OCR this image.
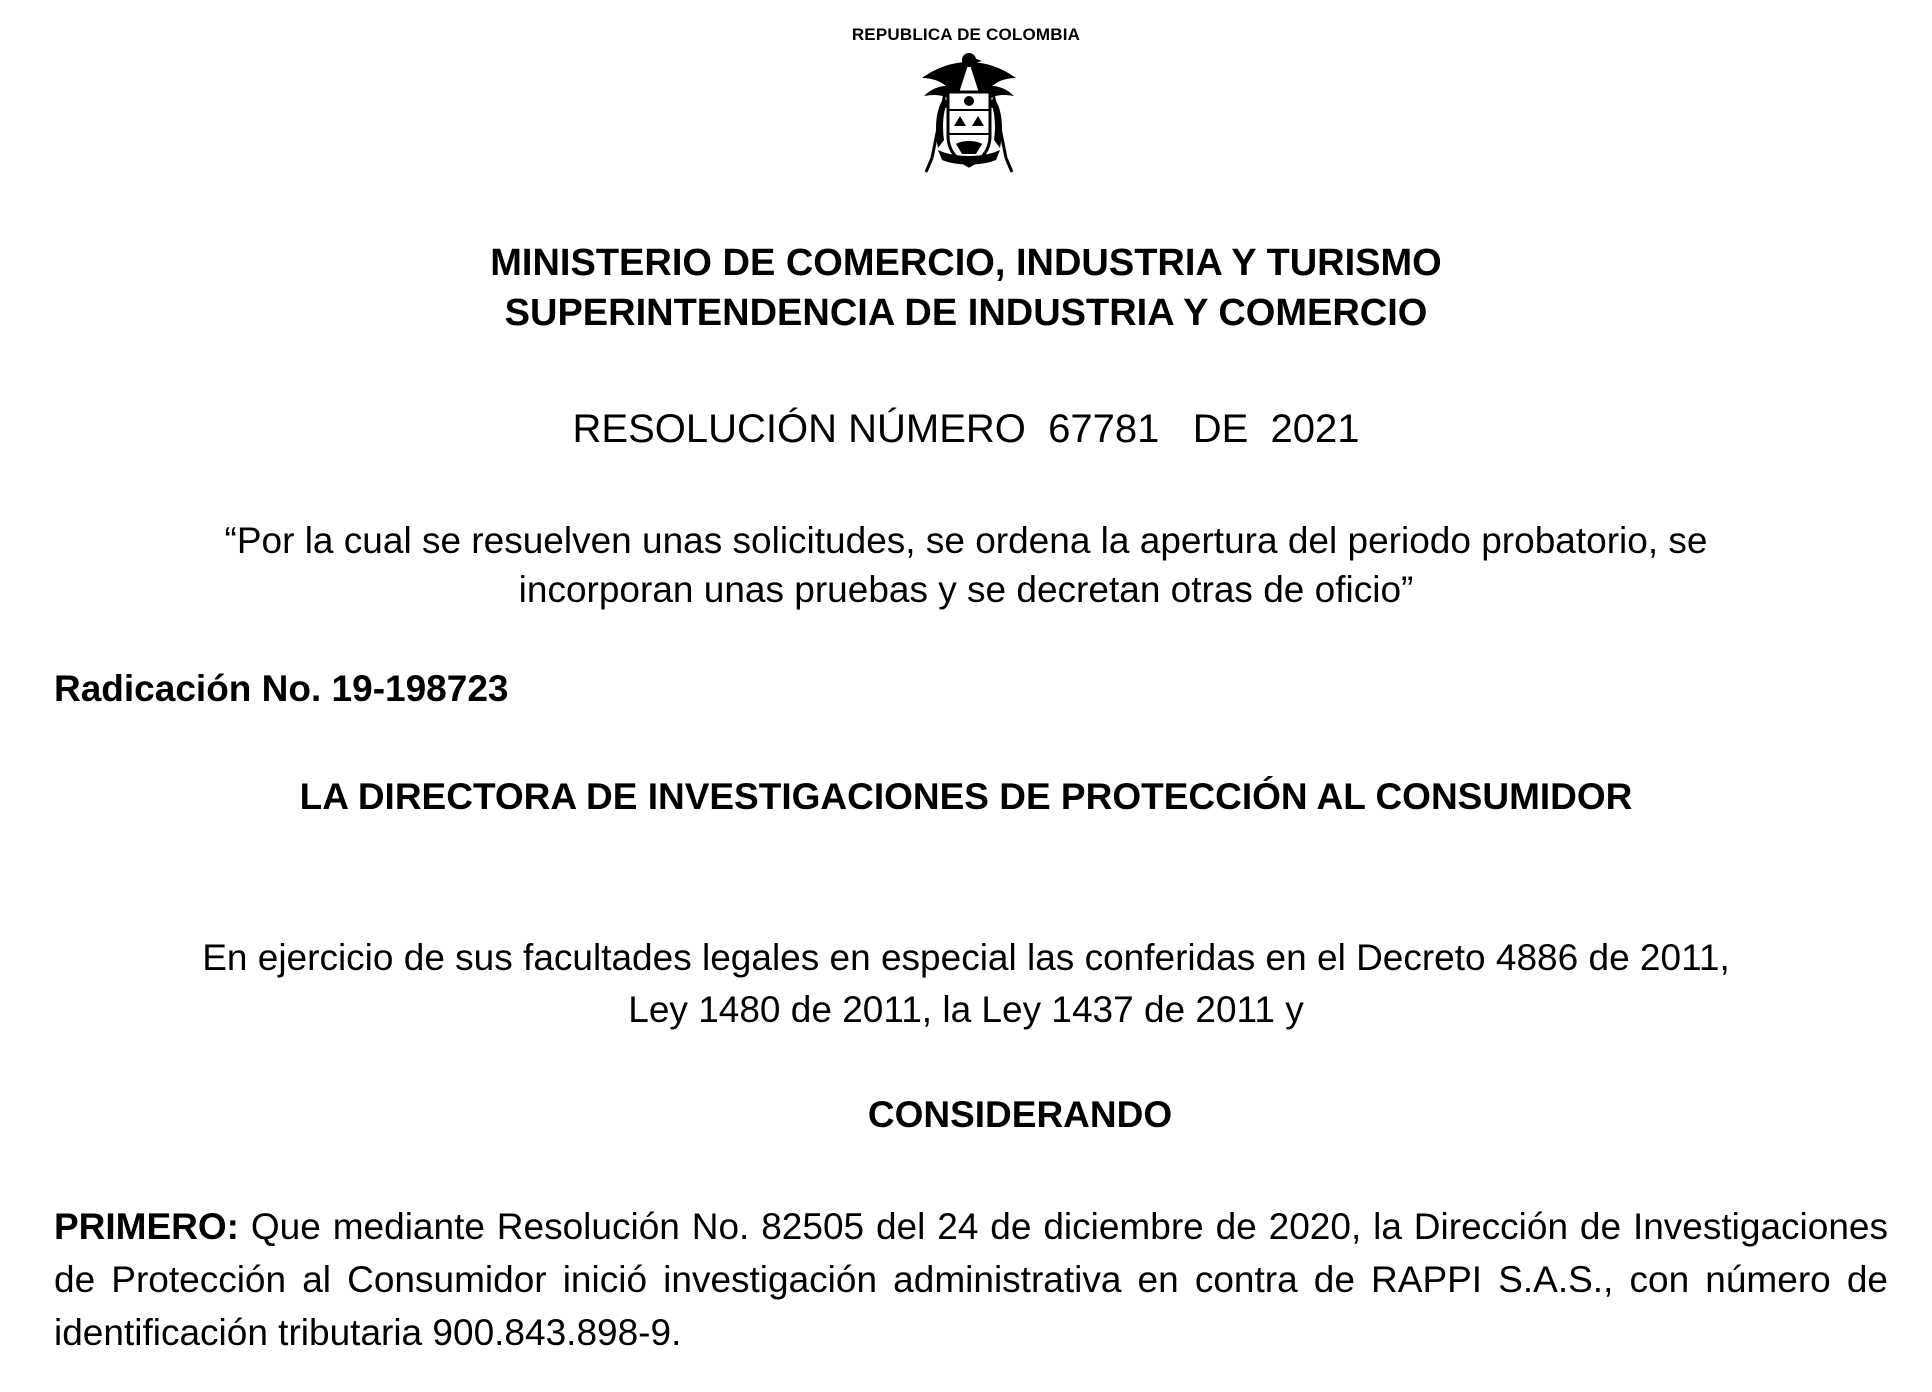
REPUBLICA DE COLOMBIA
MINISTERIO DE COMERCIO, INDUSTRIA Y TURISMO
SUPERINTENDENCIA DE INDUSTRIA Y COMERCIO
RESOLUCIÓN NÚMERO  67781   DE  2021
“Por la cual se resuelven unas solicitudes, se ordena la apertura del periodo probatorio, se
incorporan unas pruebas y se decretan otras de oficio”
Radicación No. 19-198723
LA DIRECTORA DE INVESTIGACIONES DE PROTECCIÓN AL CONSUMIDOR
En ejercicio de sus facultades legales en especial las conferidas en el Decreto 4886 de 2011,
Ley 1480 de 2011, la Ley 1437 de 2011 y
CONSIDERANDO
PRIMERO: Que mediante Resolución No. 82505 del 24 de diciembre de 2020, la Dirección de Investigaciones de Protección al Consumidor inició investigación administrativa en contra de RAPPI S.A.S., con número de identificación tributaria 900.843.898-9.
